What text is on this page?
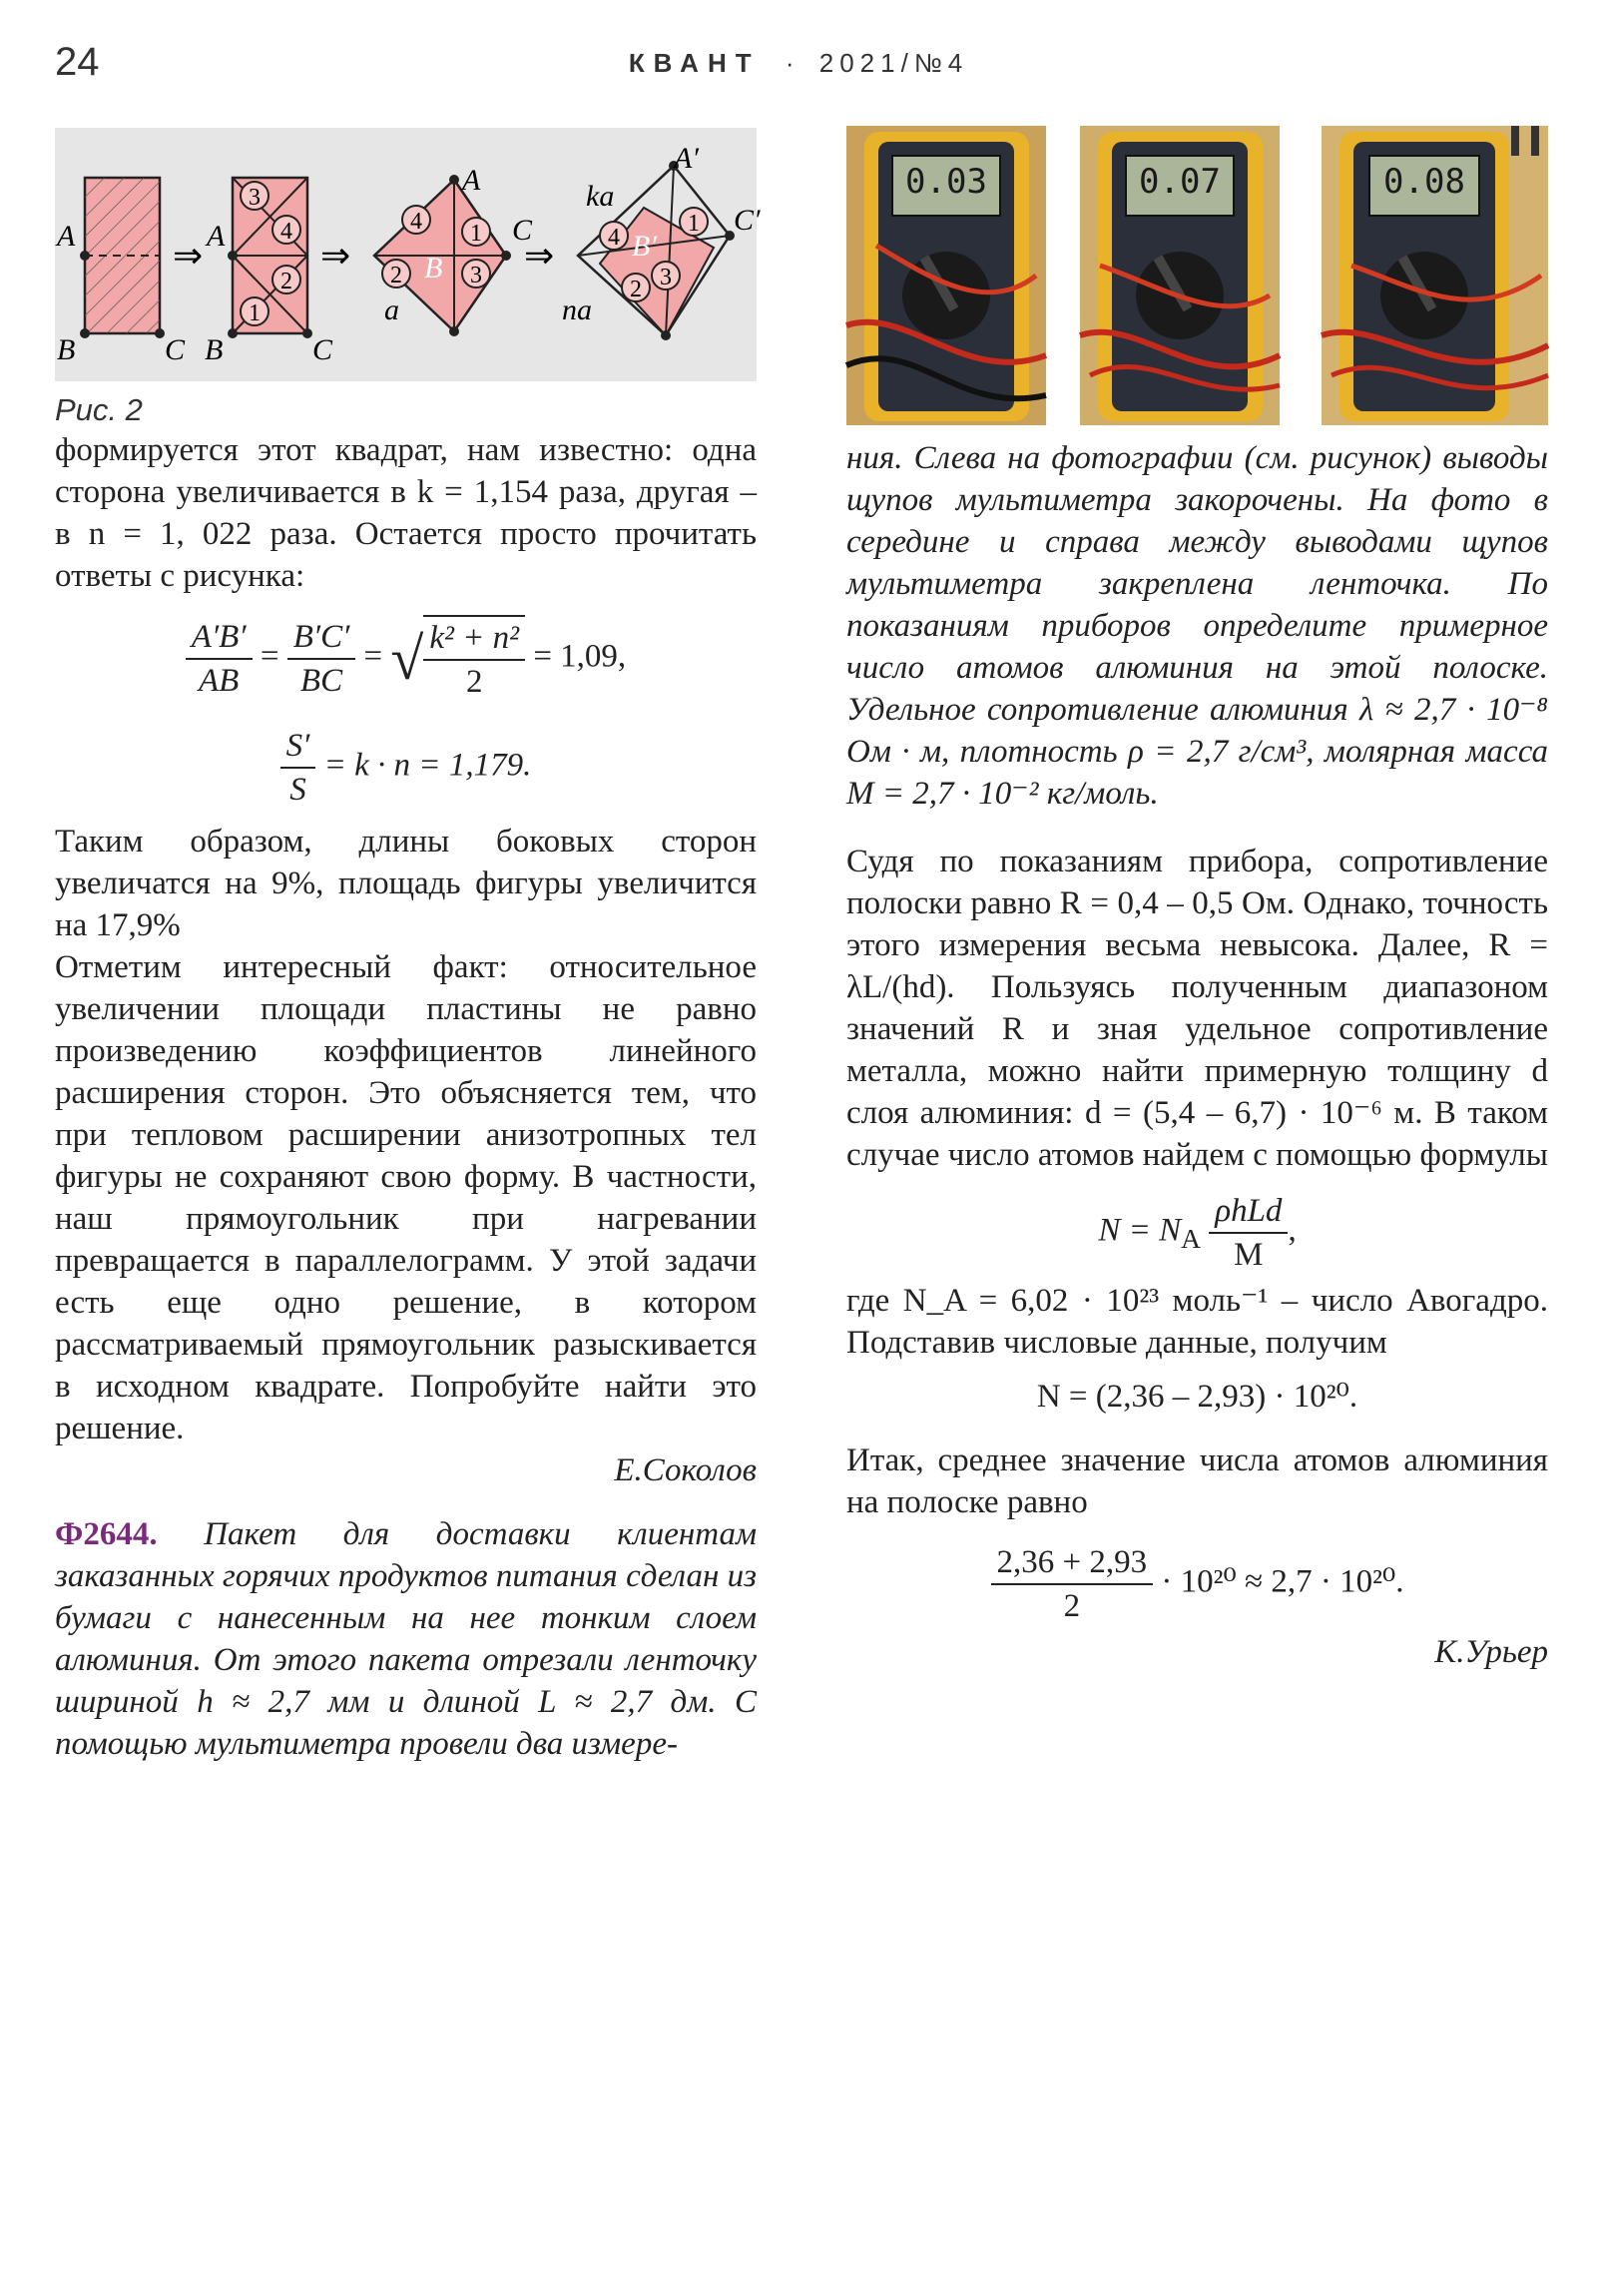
24	КВАНТ · 2021/№4
A
B	C
⇒
3
4
2
1
A
B	C
⇒
4 1
2	3
B
A
C
a
⇒ 4
1
2 3
B′
A′
C′
ka
na
Рис. 2

формируется этот квадрат, нам известно: одна сторона увеличивается в k = 1,154 раза, другая – в n = 1, 022 раза. Остается просто прочитать ответы с рисунка:

$\frac{A'B'}{AB} = \frac{B'C'}{BC}$ = √ $\frac{\text{k² + n²}}{2} = 1,09$,
$\frac{S'}{S} = k \cdot n = 1,179$.

Таким образом, длины боковых сторон увеличатся на 9%, площадь фигуры увеличится на 17,9%

Отметим интересный факт: относительное увеличении площади пластины не равно произведению коэффициентов линейного расширения сторон. Это объясняется тем, что при тепловом расширении анизотропных тел фигуры не сохраняют свою форму. В частности, наш прямоугольник при нагревании превращается в параллелограмм. У этой задачи есть еще одно решение, в котором рассматриваемый прямоугольник разыскивается в исходном квадрате. Попробуйте найти это решение.

Е.Соколов

Ф2644. Пакет для доставки клиентам заказанных горячих продуктов питания сделан из бумаги с нанесенным на нее тонким слоем алюминия. От этого пакета отрезали ленточку шириной h ≈ 2,7 мм и длиной L ≈ 2,7 дм. С помощью мультиметра провели два измере-

0.03	0.07	0.08

ния. Слева на фотографии (см. рисунок) выводы щупов мультиметра закорочены. На фото в середине и справа между выводами щупов мультиметра закреплена ленточка. По показаниям приборов определите примерное число атомов алюминия на этой полоске. Удельное сопротивление алюминия λ ≈ 2,7 · 10⁻⁸ Ом · м, плотность ρ = 2,7 г/см³, молярная масса M = 2,7 · 10⁻² кг/моль.

Судя по показаниям прибора, сопротивление полоски равно R = 0,4 – 0,5 Ом. Однако, точность этого измерения весьма невысока. Далее, R = λL/(hd). Пользуясь полученным диапазоном значений R и зная удельное сопротивление металла, можно найти примерную толщину d слоя алюминия: d = (5,4 – 6,7) · 10⁻⁶ м. В таком случае число атомов найдем с помощью формулы

$N = N_A \frac{\text{ρhLd}}{M}$ ,

где N_A = 6,02 · 10²³ моль⁻¹ – число Авогадро. Подставив числовые данные, получим

N = (2,36 – 2,93) · 10²⁰.

Итак, среднее значение числа атомов алюминия на полоске равно

$\frac{2,36 + 2,93}{2} \cdot 10^{20} \approx 2,7 \cdot 10^{20}$.

К.Урьер
